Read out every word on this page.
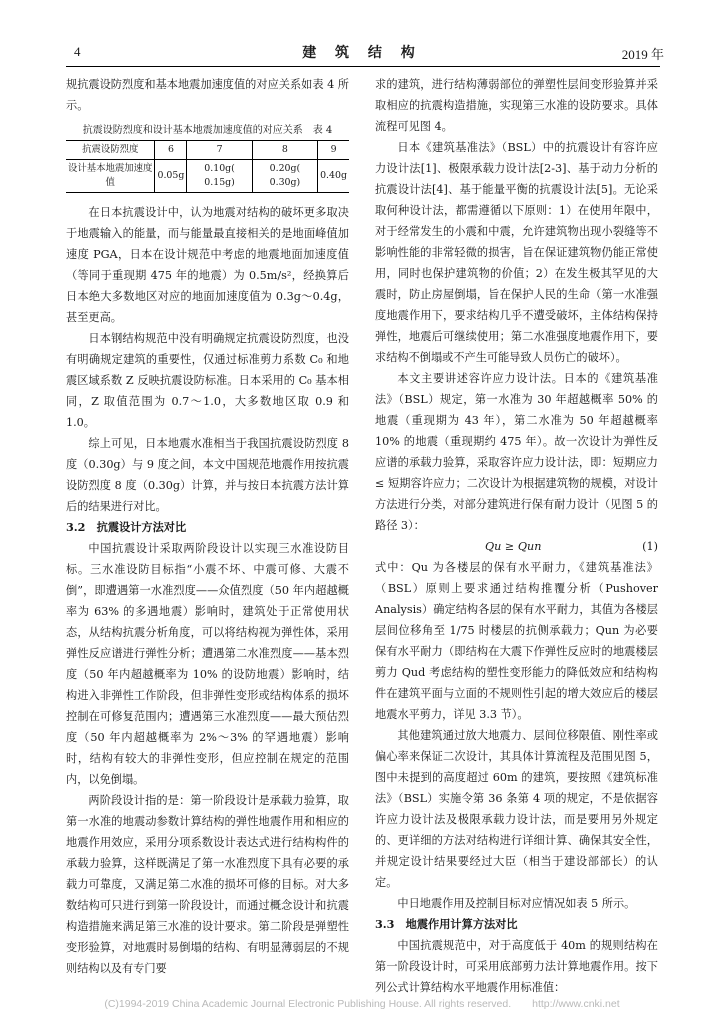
4	建 筑 结 构	2019 年

规抗震设防烈度和基本地震加速度值的对应关系如表 4 所示。

抗震设防烈度和设计基本地震加速度值的对应关系　表 4
抗震设防烈度	6	7	8	9
设计基本地震加速度值	0.05g	0.10g( 0.15g)	0.20g( 0.30g)	0.40g

在日本抗震设计中，认为地震对结构的破坏更多取决于地震输入的能量，而与能量最直接相关的是地面峰值加速度 PGA，日本在设计规范中考虑的地震地面加速度值（等同于重现期 475 年的地震）为 0.5m/s²，经换算后日本绝大多数地区对应的地面加速度值为 0.3g～0.4g，甚至更高。

日本钢结构规范中没有明确规定抗震设防烈度，也没有明确规定建筑的重要性，仅通过标准剪力系数 C₀ 和地震区域系数 Z 反映抗震设防标准。日本采用的 C₀ 基本相同，Z 取值范围为 0.7～1.0，大多数地区取 0.9 和 1.0。

综上可见，日本地震水准相当于我国抗震设防烈度 8 度（0.30g）与 9 度之间，本文中国规范地震作用按抗震设防烈度 8 度（0.30g）计算，并与按日本抗震方法计算后的结果进行对比。

3.2　抗震设计方法对比

中国抗震设计采取两阶段设计以实现三水准设防目标。三水准设防目标指“小震不坏、中震可修、大震不倒”，即遭遇第一水准烈度——众值烈度（50 年内超越概率为 63% 的多遇地震）影响时，建筑处于正常使用状态，从结构抗震分析角度，可以将结构视为弹性体，采用弹性反应谱进行弹性分析；遭遇第二水准烈度——基本烈度（50 年内超越概率为 10% 的设防地震）影响时，结构进入非弹性工作阶段，但非弹性变形或结构体系的损坏控制在可修复范围内；遭遇第三水准烈度——最大预估烈度（50 年内超越概率为 2%～3% 的罕遇地震）影响时，结构有较大的非弹性变形，但应控制在规定的范围内，以免倒塌。

两阶段设计指的是：第一阶段设计是承载力验算，取第一水准的地震动参数计算结构的弹性地震作用和相应的地震作用效应，采用分项系数设计表达式进行结构构件的承载力验算，这样既满足了第一水准烈度下具有必要的承载力可靠度，又满足第二水准的损坏可修的目标。对大多数结构可只进行到第一阶段设计，而通过概念设计和抗震构造措施来满足第三水准的设计要求。第二阶段是弹塑性变形验算，对地震时易倒塌的结构、有明显薄弱层的不规则结构以及有专门要

求的建筑，进行结构薄弱部位的弹塑性层间变形验算并采取相应的抗震构造措施，实现第三水准的设防要求。具体流程可见图 4。

日本《建筑基准法》（BSL）中的抗震设计有容许应力设计法[1]、极限承载力设计法[2-3]、基于动力分析的抗震设计法[4]、基于能量平衡的抗震设计法[5]。无论采取何种设计法，都需遵循以下原则：1）在使用年限中，对于经常发生的小震和中震，允许建筑物出现小裂缝等不影响性能的非常轻微的损害，旨在保证建筑物仍能正常使用，同时也保护建筑物的价值；2）在发生极其罕见的大震时，防止房屋倒塌，旨在保护人民的生命（第一水准强度地震作用下，要求结构几乎不遭受破坏，主体结构保持弹性，地震后可继续使用；第二水准强度地震作用下，要求结构不倒塌或不产生可能导致人员伤亡的破坏）。

本文主要讲述容许应力设计法。日本的《建筑基准法》（BSL）规定，第一水准为 30 年超越概率 50% 的地震（重现期为 43 年），第二水准为 50 年超越概率 10% 的地震（重现期约 475 年）。故一次设计为弹性反应谱的承载力验算，采取容许应力设计法，即：短期应力 ≤ 短期容许应力；二次设计为根据建筑物的规模，对设计方法进行分类，对部分建筑进行保有耐力设计（见图 5 的路径 3）：

Qu ≥ Qun	(1)

式中：Qu 为各楼层的保有水平耐力，《建筑基准法》（BSL）原则上要求通过结构推覆分析（Pushover Analysis）确定结构各层的保有水平耐力，其值为各楼层层间位移角至 1/75 时楼层的抗侧承载力；Qun 为必要保有水平耐力（即结构在大震下作弹性反应时的地震楼层剪力 Qud 考虑结构的塑性变形能力的降低效应和结构构件在建筑平面与立面的不规则性引起的增大效应后的楼层地震水平剪力，详见 3.3 节）。

其他建筑通过放大地震力、层间位移限值、刚性率或偏心率来保证二次设计，其具体计算流程及范围见图 5，图中未提到的高度超过 60m 的建筑，要按照《建筑标准法》（BSL）实施令第 36 条第 4 项的规定，不是依据容许应力设计法及极限承载力设计法，而是要用另外规定的、更详细的方法对结构进行详细计算、确保其安全性，并规定设计结果要经过大臣（相当于建设部部长）的认定。

中日地震作用及控制目标对应情况如表 5 所示。

3.3　地震作用计算方法对比

中国抗震规范中，对于高度低于 40m 的规则结构在第一阶段设计时，可采用底部剪力法计算地震作用。按下列公式计算结构水平地震作用标准值：

(C)1994-2019 China Academic Journal Electronic Publishing House. All rights reserved.　　http://www.cnki.net
